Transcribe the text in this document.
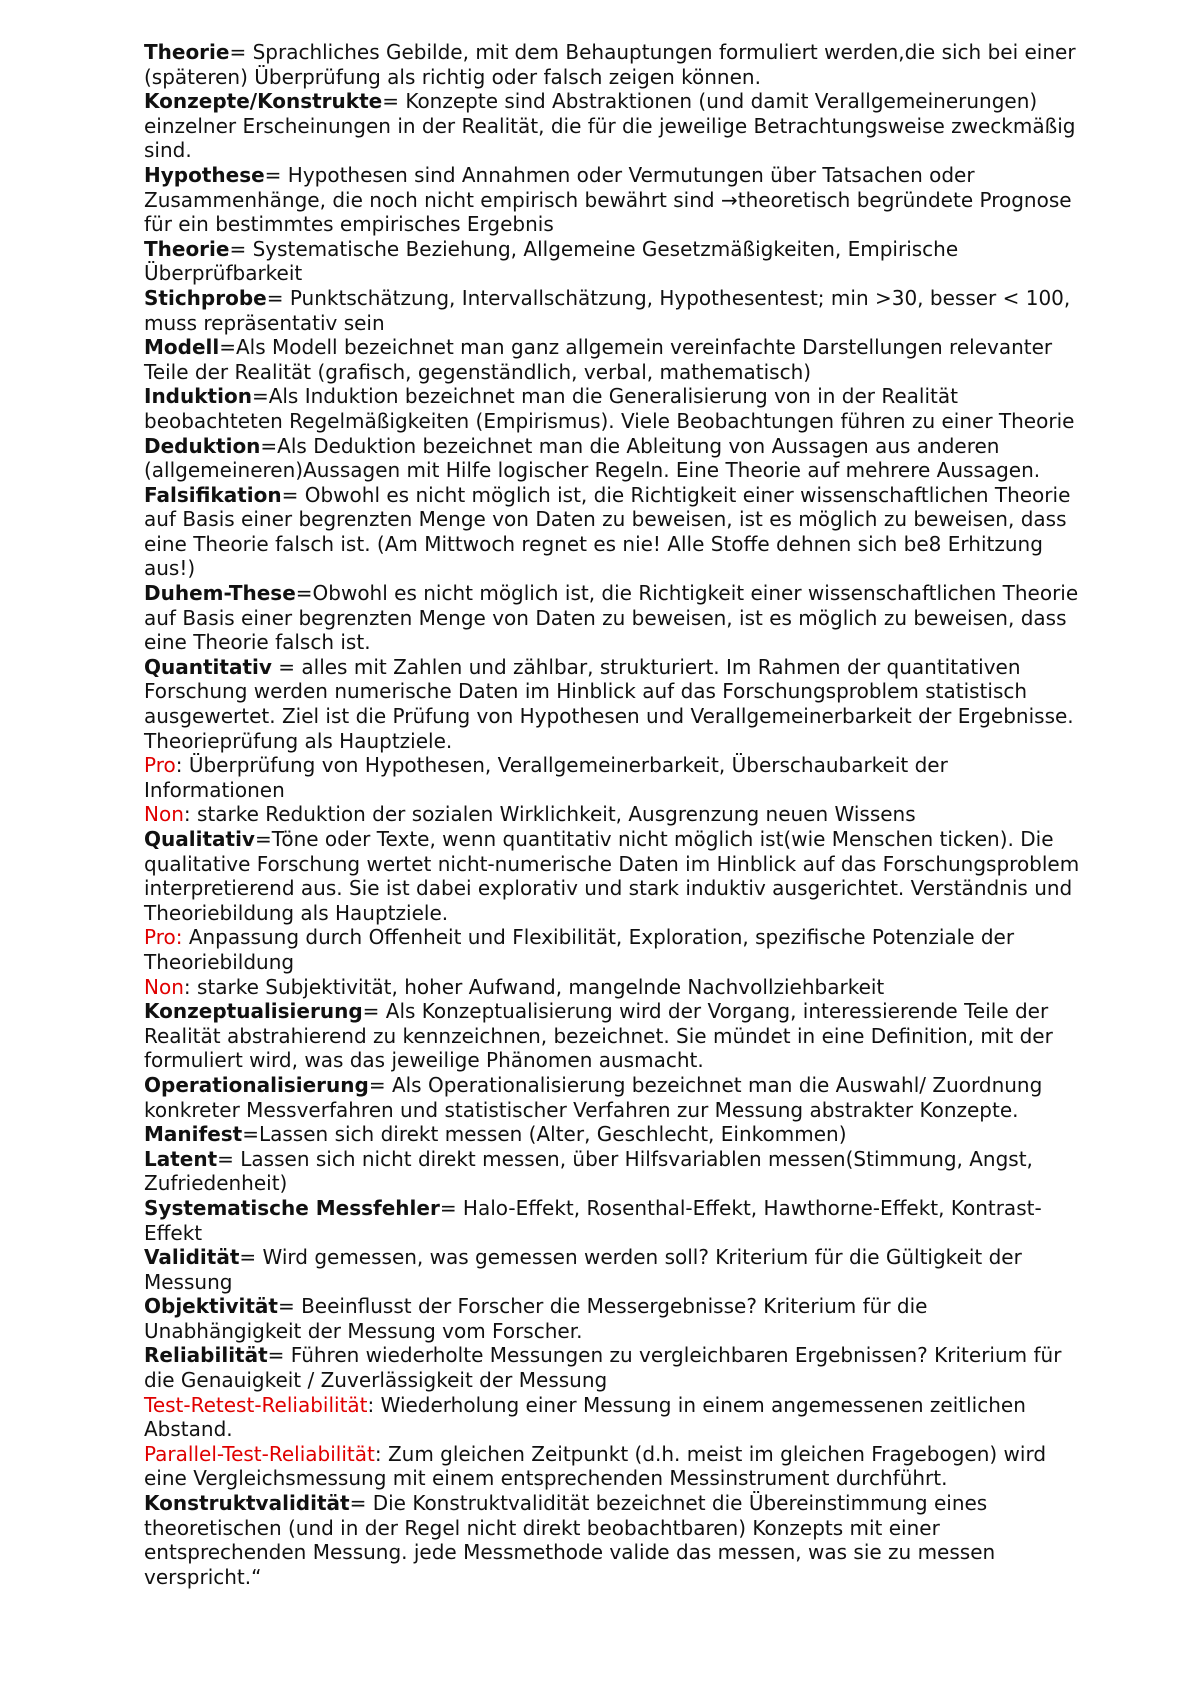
Theorie= Sprachliches Gebilde, mit dem Behauptungen formuliert werden,die sich bei einer (späteren) Überprüfung als richtig oder falsch zeigen können.

Konzepte/Konstrukte= Konzepte sind Abstraktionen (und damit Verallgemeinerungen) einzelner Erscheinungen in der Realität, die für die jeweilige Betrachtungsweise zweckmäßig sind.

Hypothese= Hypothesen sind Annahmen oder Vermutungen über Tatsachen oder Zusammenhänge, die noch nicht empirisch bewährt sind →theoretisch begründete Prognose für ein bestimmtes empirisches Ergebnis

Theorie= Systematische Beziehung, Allgemeine Gesetzmäßigkeiten, Empirische Überprüfbarkeit

Stichprobe= Punktschätzung, Intervallschätzung, Hypothesentest; min >30, besser < 100, muss repräsentativ sein

Modell=Als Modell bezeichnet man ganz allgemein vereinfachte Darstellungen relevanter Teile der Realität (grafisch, gegenständlich, verbal, mathematisch)

Induktion=Als Induktion bezeichnet man die Generalisierung von in der Realität beobachteten Regelmäßigkeiten (Empirismus). Viele Beobachtungen führen zu einer Theorie

Deduktion=Als Deduktion bezeichnet man die Ableitung von Aussagen aus anderen (allgemeineren)Aussagen mit Hilfe logischer Regeln. Eine Theorie auf mehrere Aussagen.

Falsifikation= Obwohl es nicht möglich ist, die Richtigkeit einer wissenschaftlichen Theorie auf Basis einer begrenzten Menge von Daten zu beweisen, ist es möglich zu beweisen, dass eine Theorie falsch ist. (Am Mittwoch regnet es nie! Alle Stoffe dehnen sich be8 Erhitzung aus!)

Duhem-These=Obwohl es nicht möglich ist, die Richtigkeit einer wissenschaftlichen Theorie auf Basis einer begrenzten Menge von Daten zu beweisen, ist es möglich zu beweisen, dass eine Theorie falsch ist.

Quantitativ = alles mit Zahlen und zählbar, strukturiert. Im Rahmen der quantitativen Forschung werden numerische Daten im Hinblick auf das Forschungsproblem statistisch ausgewertet. Ziel ist die Prüfung von Hypothesen und Verallgemeinerbarkeit der Ergebnisse. Theorieprüfung als Hauptziele.

Pro: Überprüfung von Hypothesen, Verallgemeinerbarkeit, Überschaubarkeit der Informationen

Non: starke Reduktion der sozialen Wirklichkeit, Ausgrenzung neuen Wissens

Qualitativ=Töne oder Texte, wenn quantitativ nicht möglich ist(wie Menschen ticken). Die qualitative Forschung wertet nicht-numerische Daten im Hinblick auf das Forschungsproblem interpretierend aus. Sie ist dabei explorativ und stark induktiv ausgerichtet. Verständnis und Theoriebildung als Hauptziele.

Pro: Anpassung durch Offenheit und Flexibilität, Exploration, spezifische Potenziale der Theoriebildung

Non: starke Subjektivität, hoher Aufwand, mangelnde Nachvollziehbarkeit

Konzeptualisierung= Als Konzeptualisierung wird der Vorgang, interessierende Teile der Realität abstrahierend zu kennzeichnen, bezeichnet. Sie mündet in eine Definition, mit der formuliert wird, was das jeweilige Phänomen ausmacht.

Operationalisierung= Als Operationalisierung bezeichnet man die Auswahl/ Zuordnung konkreter Messverfahren und statistischer Verfahren zur Messung abstrakter Konzepte.

Manifest=Lassen sich direkt messen (Alter, Geschlecht, Einkommen)

Latent= Lassen sich nicht direkt messen, über Hilfsvariablen messen(Stimmung, Angst, Zufriedenheit)

Systematische Messfehler= Halo-Effekt, Rosenthal-Effekt, Hawthorne-Effekt, Kontrast-Effekt

Validität= Wird gemessen, was gemessen werden soll? Kriterium für die Gültigkeit der Messung

Objektivität= Beeinflusst der Forscher die Messergebnisse? Kriterium für die Unabhängigkeit der Messung vom Forscher.

Reliabilität= Führen wiederholte Messungen zu vergleichbaren Ergebnissen? Kriterium für die Genauigkeit / Zuverlässigkeit der Messung

Test-Retest-Reliabilität: Wiederholung einer Messung in einem angemessenen zeitlichen Abstand.

Parallel-Test-Reliabilität: Zum gleichen Zeitpunkt (d.h. meist im gleichen Fragebogen) wird eine Vergleichsmessung mit einem entsprechenden Messinstrument durchführt.

Konstruktvalidität= Die Konstruktvalidität bezeichnet die Übereinstimmung eines theoretischen (und in der Regel nicht direkt beobachtbaren) Konzepts mit einer entsprechenden Messung. jede Messmethode valide das messen, was sie zu messen verspricht.“
